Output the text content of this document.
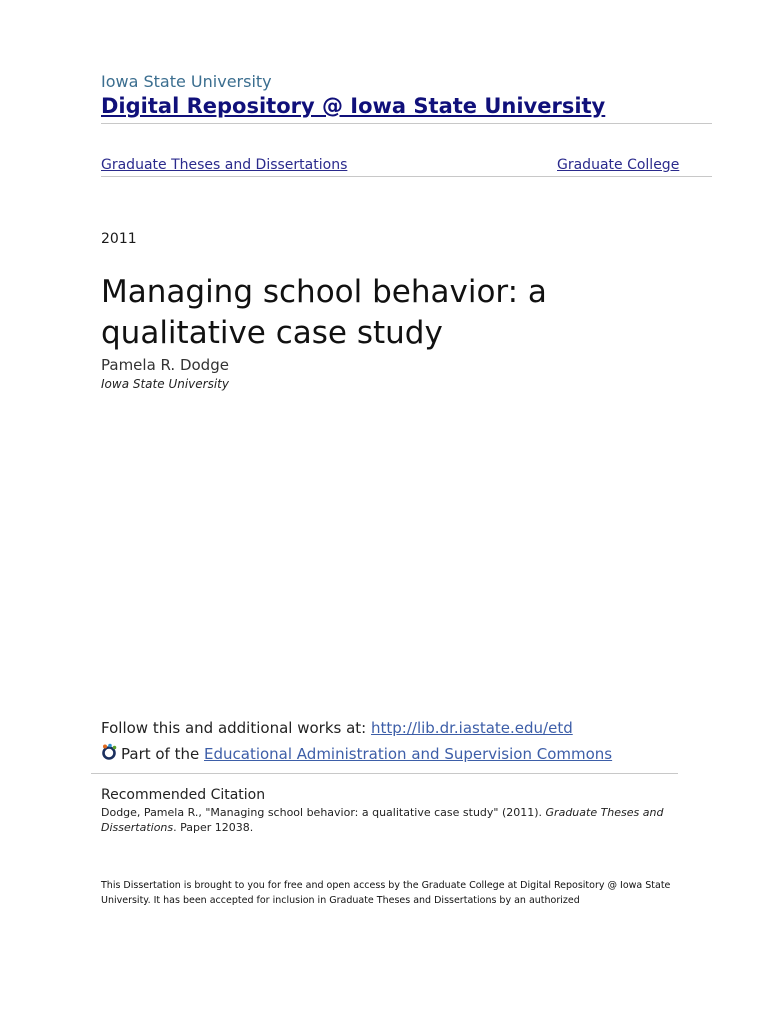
Iowa State University
Digital Repository @ Iowa State University
Graduate Theses and Dissertations	Graduate College
2011
Managing school behavior: a qualitative case study
Pamela R. Dodge
Iowa State University
Follow this and additional works at: http://lib.dr.iastate.edu/etd
Part of the Educational Administration and Supervision Commons
Recommended Citation
Dodge, Pamela R., "Managing school behavior: a qualitative case study" (2011). Graduate Theses and Dissertations. Paper 12038.
This Dissertation is brought to you for free and open access by the Graduate College at Digital Repository @ Iowa State University. It has been accepted for inclusion in Graduate Theses and Dissertations by an authorized
